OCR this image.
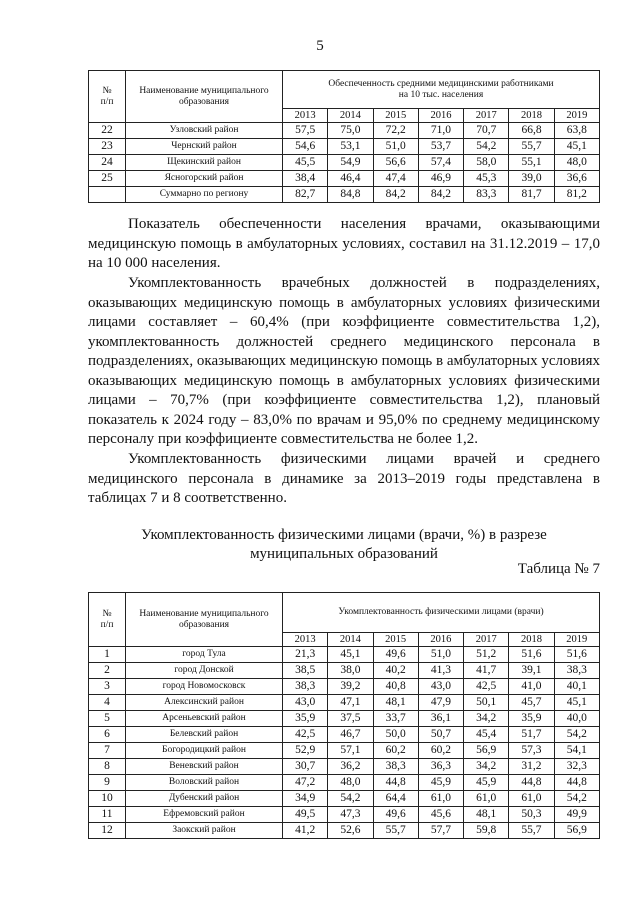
5
№
п/п	Наименование муниципального образования	Обеспеченность средними медицинскими работниками на 10 тыс. населения						
		2013	2014	2015	2016	2017	2018	2019
22	Узловский район	57,5	75,0	72,2	71,0	70,7	66,8	63,8
23	Чернский район	54,6	53,1	51,0	53,7	54,2	55,7	45,1
24	Щекинский район	45,5	54,9	56,6	57,4	58,0	55,1	48,0
25	Ясногорский район	38,4	46,4	47,4	46,9	45,3	39,0	36,6
	Суммарно по региону	82,7	84,8	84,2	84,2	83,3	81,7	81,2

Показатель обеспеченности населения врачами, оказывающими медицинскую помощь в амбулаторных условиях, составил на 31.12.2019 – 17,0 на 10 000 населения.

Укомплектованность врачебных должностей в подразделениях, оказывающих медицинскую помощь в амбулаторных условиях физическими лицами составляет – 60,4% (при коэффициенте совместительства 1,2), укомплектованность должностей среднего медицинского персонала в подразделениях, оказывающих медицинскую помощь в амбулаторных условиях оказывающих медицинскую помощь в амбулаторных условиях физическими лицами – 70,7% (при коэффициенте совместительства 1,2), плановый показатель к 2024 году – 83,0% по врачам и 95,0% по среднему медицинскому персоналу при коэффициенте совместительства не более 1,2.

Укомплектованность физическими лицами врачей и среднего медицинского персонала в динамике за 2013–2019 годы представлена в таблицах 7 и 8 соответственно.

Укомплектованность физическими лицами (врачи, %) в разрезе муниципальных образований
Таблица № 7
№
п/п	Наименование муниципального образования	Укомплектованность физическими лицами (врачи)						
		2013	2014	2015	2016	2017	2018	2019
1	город Тула	21,3	45,1	49,6	51,0	51,2	51,6	51,6
2	город Донской	38,5	38,0	40,2	41,3	41,7	39,1	38,3
3	город Новомосковск	38,3	39,2	40,8	43,0	42,5	41,0	40,1
4	Алексинский район	43,0	47,1	48,1	47,9	50,1	45,7	45,1
5	Арсеньевский район	35,9	37,5	33,7	36,1	34,2	35,9	40,0
6	Белевский район	42,5	46,7	50,0	50,7	45,4	51,7	54,2
7	Богородицкий район	52,9	57,1	60,2	60,2	56,9	57,3	54,1
8	Веневский район	30,7	36,2	38,3	36,3	34,2	31,2	32,3
9	Воловский район	47,2	48,0	44,8	45,9	45,9	44,8	44,8
10	Дубенский район	34,9	54,2	64,4	61,0	61,0	61,0	54,2
11	Ефремовский район	49,5	47,3	49,6	45,6	48,1	50,3	49,9
12	Заокский район	41,2	52,6	55,7	57,7	59,8	55,7	56,9
